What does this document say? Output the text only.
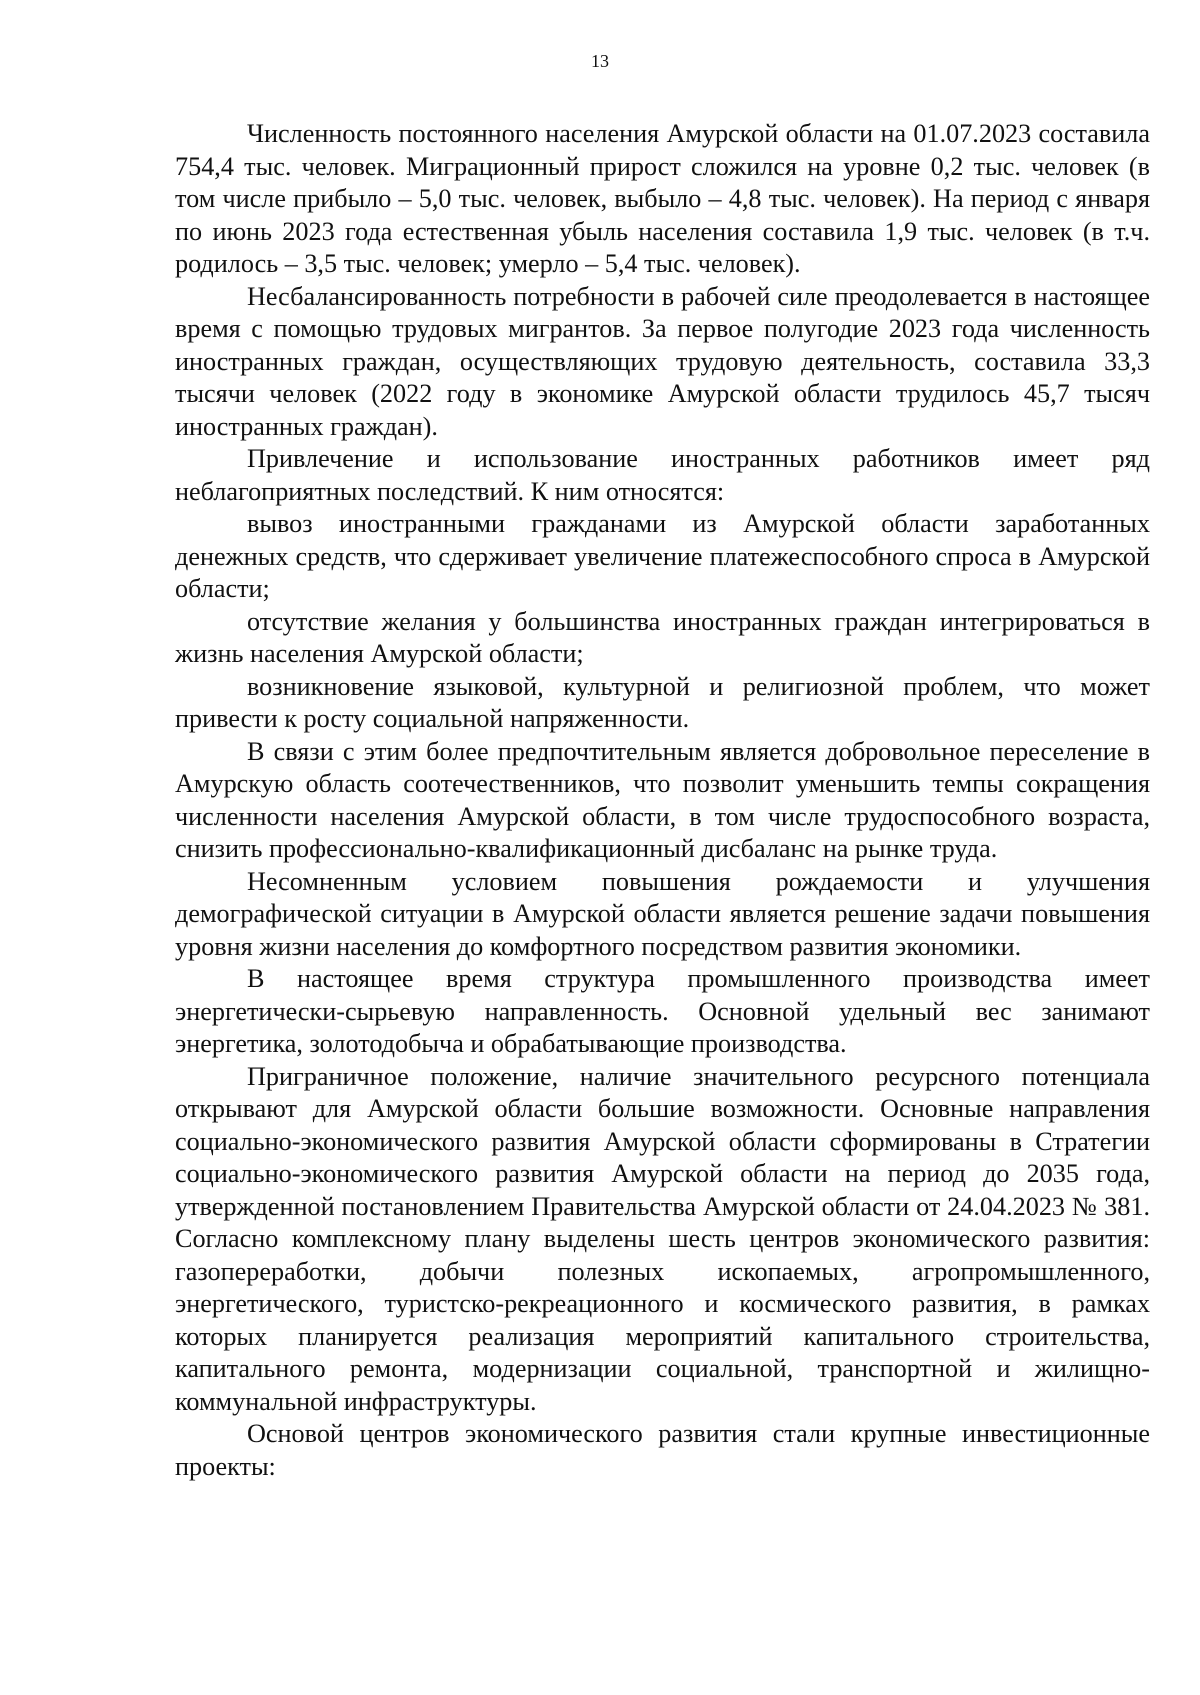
13

Численность постоянного населения Амурской области на 01.07.2023 составила 754,4 тыс. человек. Миграционный прирост сложился на уровне 0,2 тыс. человек (в том числе прибыло – 5,0 тыс. человек, выбыло – 4,8 тыс. человек). На период с января по июнь 2023 года естественная убыль населения составила 1,9 тыс. человек (в т.ч. родилось – 3,5 тыс. человек; умерло – 5,4 тыс. человек).

Несбалансированность потребности в рабочей силе преодолевается в настоящее время с помощью трудовых мигрантов. За первое полугодие 2023 года численность иностранных граждан, осуществляющих трудовую деятельность, составила 33,3 тысячи человек (2022 году в экономике Амурской области трудилось 45,7 тысяч иностранных граждан).

Привлечение и использование иностранных работников имеет ряд неблагоприятных последствий. К ним относятся:

вывоз иностранными гражданами из Амурской области заработанных денежных средств, что сдерживает увеличение платежеспособного спроса в Амурской области;

отсутствие желания у большинства иностранных граждан интегрироваться в жизнь населения Амурской области;

возникновение языковой, культурной и религиозной проблем, что может привести к росту социальной напряженности.

В связи с этим более предпочтительным является добровольное переселение в Амурскую область соотечественников, что позволит уменьшить темпы сокращения численности населения Амурской области, в том числе трудоспособного возраста, снизить профессионально-квалификационный дисбаланс на рынке труда.

Несомненным условием повышения рождаемости и улучшения демографической ситуации в Амурской области является решение задачи повышения уровня жизни населения до комфортного посредством развития экономики.

В настоящее время структура промышленного производства имеет энергетически-сырьевую направленность. Основной удельный вес занимают энергетика, золотодобыча и обрабатывающие производства.

Приграничное положение, наличие значительного ресурсного потенциала открывают для Амурской области большие возможности. Основные направления социально-экономического развития Амурской области сформированы в Стратегии социально-экономического развития Амурской области на период до 2035 года, утвержденной постановлением Правительства Амурской области от 24.04.2023 № 381. Согласно комплексному плану выделены шесть центров экономического развития: газопереработки, добычи полезных ископаемых, агропромышленного, энергетического, туристско-рекреационного и космического развития, в рамках которых планируется реализация мероприятий капитального строительства, капитального ремонта, модернизации социальной, транспортной и жилищно-коммунальной инфраструктуры.

Основой центров экономического развития стали крупные инвестиционные проекты:
